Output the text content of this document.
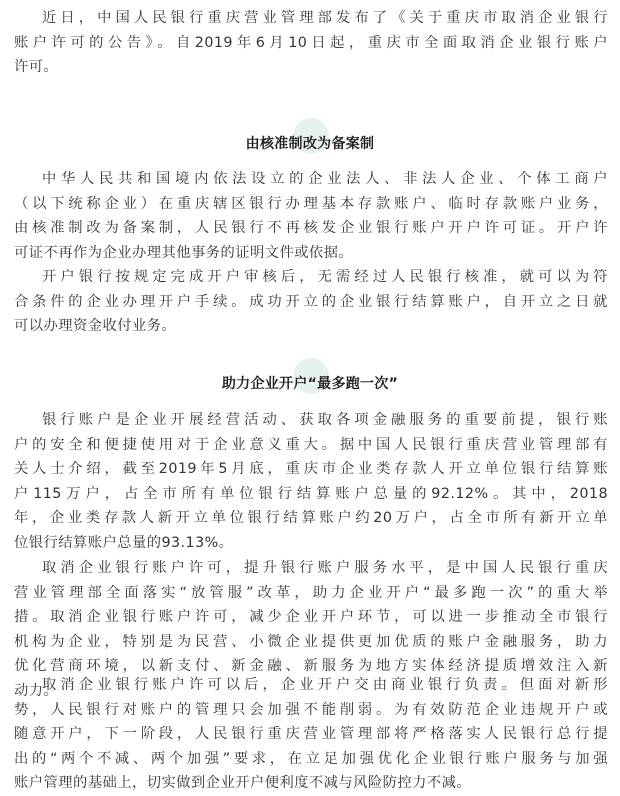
近日，中国人民银行重庆营业管理部发布了《关于重庆市取消企业银行
账户许可的公告》。自2019年6月10日起，重庆市全面取消企业银行账户
许可。
由核准制改为备案制
中华人民共和国境内依法设立的企业法人、非法人企业、个体工商户
（以下统称企业）在重庆辖区银行办理基本存款账户、临时存款账户业务，
由核准制改为备案制，人民银行不再核发企业银行账户开户许可证。开户许
可证不再作为企业办理其他事务的证明文件或依据。
开户银行按规定完成开户审核后，无需经过人民银行核准，就可以为符
合条件的企业办理开户手续。成功开立的企业银行结算账户，自开立之日就
可以办理资金收付业务。
助力企业开户“最多跑一次”
银行账户是企业开展经营活动、获取各项金融服务的重要前提，银行账
户的安全和便捷使用对于企业意义重大。据中国人民银行重庆营业管理部有
关人士介绍，截至2019年5月底，重庆市企业类存款人开立单位银行结算账
户115万户，占全市所有单位银行结算账户总量的92.12%。其中，2018
年，企业类存款人新开立单位银行结算账户约20万户，占全市所有新开立单
位银行结算账户总量的93.13%。
取消企业银行账户许可，提升银行账户服务水平，是中国人民银行重庆
营业管理部全面落实“放管服”改革，助力企业开户“最多跑一次”的重大举
措。取消企业银行账户许可，减少企业开户环节，可以进一步推动全市银行
机构为企业，特别是为民营、小微企业提供更加优质的账户金融服务，助力
优化营商环境，以新支付、新金融、新服务为地方实体经济提质增效注入新
动力。
取消企业银行账户许可以后，企业开户交由商业银行负责。但面对新形
势，人民银行对账户的管理只会加强不能削弱。为有效防范企业违规开户或
随意开户，下一阶段，人民银行重庆营业管理部将严格落实人民银行总行提
出的“两个不减、两个加强”要求，在立足加强优化企业银行账户服务与加强
账户管理的基础上，切实做到企业开户便利度不减与风险防控力不减。
